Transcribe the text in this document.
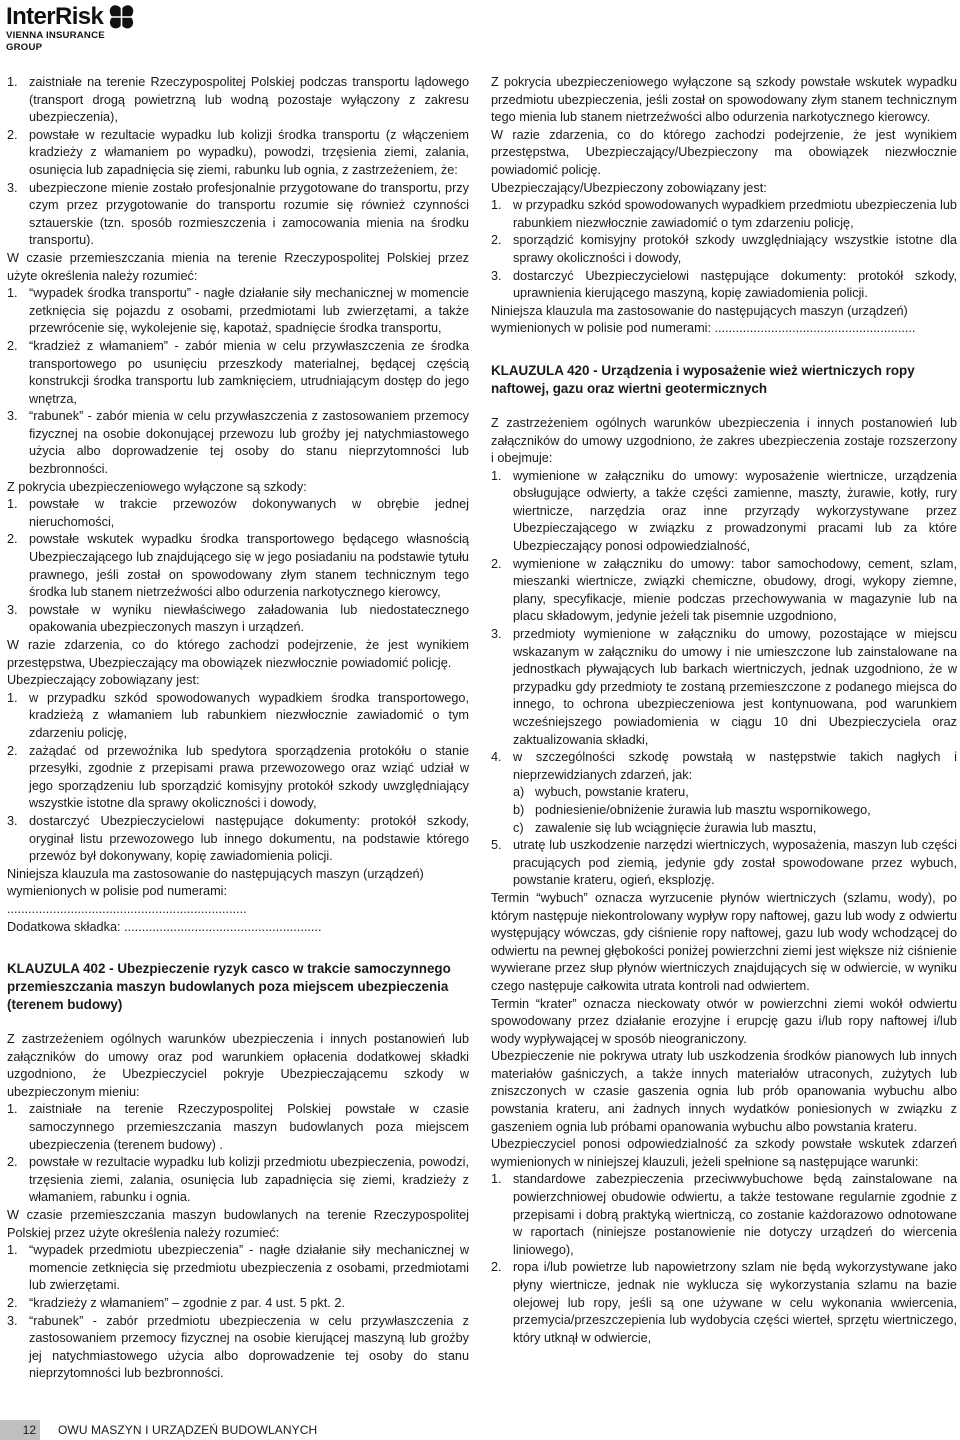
InterRisk
VIENNA INSURANCE GROUP
1. zaistniałe na terenie Rzeczypospolitej Polskiej podczas transportu lądowego (transport drogą powietrzną lub wodną pozostaje wyłączony z zakresu ubezpieczenia),
2. powstałe w rezultacie wypadku lub kolizji środka transportu (z włączeniem kradzieży z włamaniem po wypadku), powodzi, trzęsienia ziemi, zalania, osunięcia lub zapadnięcia się ziemi, rabunku lub ognia, z zastrzeżeniem, że:
3. ubezpieczone mienie zostało profesjonalnie przygotowane do transportu, przy czym przez przygotowanie do transportu rozumie się również czynności sztauerskie (tzn. sposób rozmieszczenia i zamocowania mienia na środku transportu).

W czasie przemieszczania mienia na terenie Rzeczypospolitej Polskiej przez użyte określenia należy rozumieć:

1. “wypadek środka transportu” - nagłe działanie siły mechanicznej w momencie zetknięcia się pojazdu z osobami, przedmiotami lub zwierzętami, a także przewrócenie się, wykolejenie się, kapotaż, spadnięcie środka transportu,
2. “kradzież z włamaniem” - zabór mienia w celu przywłaszczenia ze środka transportowego po usunięciu przeszkody materialnej, będącej częścią konstrukcji środka transportu lub zamknięciem, utrudniającym dostęp do jego wnętrza,
3. “rabunek” - zabór mienia w celu przywłaszczenia z zastosowaniem przemocy fizycznej na osobie dokonującej przewozu lub groźby jej natychmiastowego użycia albo doprowadzenie tej osoby do stanu nieprzytomności lub bezbronności.

Z pokrycia ubezpieczeniowego wyłączone są szkody:

1. powstałe w trakcie przewozów dokonywanych w obrębie jednej nieruchomości,
2. powstałe wskutek wypadku środka transportowego będącego własnością Ubezpieczającego lub znajdującego się w jego posiadaniu na podstawie tytułu prawnego, jeśli został on spowodowany złym stanem technicznym tego środka lub stanem nietrzeźwości albo odurzenia narkotycznego kierowcy,
3. powstałe w wyniku niewłaściwego załadowania lub niedostatecznego opakowania ubezpieczonych maszyn i urządzeń.

W razie zdarzenia, co do którego zachodzi podejrzenie, że jest wynikiem przestępstwa, Ubezpieczający ma obowiązek niezwłocznie powiadomić policję.

Ubezpieczający zobowiązany jest:

1. w przypadku szkód spowodowanych wypadkiem środka transportowego, kradzieżą z włamaniem lub rabunkiem niezwłocznie zawiadomić o tym zdarzeniu policję,
2. zażądać od przewoźnika lub spedytora sporządzenia protokółu o stanie przesyłki, zgodnie z przepisami prawa przewozowego oraz wziąć udział w jego sporządzeniu lub sporządzić komisyjny protokół szkody uwzględniający wszystkie istotne dla sprawy okoliczności i dowody,
3. dostarczyć Ubezpieczycielowi następujące dokumenty: protokół szkody, oryginał listu przewozowego lub innego dokumentu, na podstawie którego przewóz był dokonywany, kopię zawiadomienia policji.

Niniejsza klauzula ma zastosowanie do następujących maszyn (urządzeń) wymienionych w polisie pod numerami: ....................................................................

Dodatkowa składka: ........................................................

KLAUZULA 402 - Ubezpieczenie ryzyk casco w trakcie samoczynnego przemieszczania maszyn budowlanych poza miejscem ubezpieczenia (terenem budowy)

Z zastrzeżeniem ogólnych warunków ubezpieczenia i innych postanowień lub załączników do umowy oraz pod warunkiem opłacenia dodatkowej składki uzgodniono, że Ubezpieczyciel pokryje Ubezpieczającemu szkody w ubezpieczonym mieniu:

1. zaistniałe na terenie Rzeczypospolitej Polskiej powstałe w czasie samoczynnego przemieszczania maszyn budowlanych poza miejscem ubezpieczenia (terenem budowy) .
2. powstałe w rezultacie wypadku lub kolizji przedmiotu ubezpieczenia, powodzi, trzęsienia ziemi, zalania, osunięcia lub zapadnięcia się ziemi, kradzieży z włamaniem, rabunku i ognia.

W czasie przemieszczania maszyn budowlanych na terenie Rzeczypospolitej Polskiej przez użyte określenia należy rozumieć:

1. “wypadek przedmiotu ubezpieczenia” - nagłe działanie siły mechanicznej w momencie zetknięcia się przedmiotu ubezpieczenia z osobami, przedmiotami lub zwierzętami.
2. “kradzieży z włamaniem” – zgodnie z par. 4 ust. 5 pkt. 2.
3. “rabunek” - zabór przedmiotu ubezpieczenia w celu przywłaszczenia z zastosowaniem przemocy fizycznej na osobie kierującej maszyną lub groźby jej natychmiastowego użycia albo doprowadzenie tej osoby do stanu nieprzytomności lub bezbronności.

Z pokrycia ubezpieczeniowego wyłączone są szkody powstałe wskutek wypadku przedmiotu ubezpieczenia, jeśli został on spowodowany złym stanem technicznym tego mienia lub stanem nietrzeźwości albo odurzenia narkotycznego kierowcy.

W razie zdarzenia, co do którego zachodzi podejrzenie, że jest wynikiem przestępstwa, Ubezpieczający/Ubezpieczony ma obowiązek niezwłocznie powiadomić policję.

Ubezpieczający/Ubezpieczony zobowiązany jest:

1. w przypadku szkód spowodowanych wypadkiem przedmiotu ubezpieczenia lub rabunkiem niezwłocznie zawiadomić o tym zdarzeniu policję,
2. sporządzić komisyjny protokół szkody uwzględniający wszystkie istotne dla sprawy okoliczności i dowody,
3. dostarczyć Ubezpieczycielowi następujące dokumenty: protokół szkody, uprawnienia kierującego maszyną, kopię zawiadomienia policji.

Niniejsza klauzula ma zastosowanie do następujących maszyn (urządzeń) wymienionych w polisie pod numerami: .........................................................

KLAUZULA 420 - Urządzenia i wyposażenie wież wiertniczych ropy naftowej, gazu oraz wiertni geotermicznych

Z zastrzeżeniem ogólnych warunków ubezpieczenia i innych postanowień lub załączników do umowy uzgodniono, że zakres ubezpieczenia zostaje rozszerzony i obejmuje:

1. wymienione w załączniku do umowy: wyposażenie wiertnicze, urządzenia obsługujące odwierty, a także części zamienne, maszty, żurawie, kotły, rury wiertnicze, narzędzia oraz inne przyrządy wykorzystywane przez Ubezpieczającego w związku z prowadzonymi pracami lub za które Ubezpieczający ponosi odpowiedzialność,
2. wymienione w załączniku do umowy: tabor samochodowy, cement, szlam, mieszanki wiertnicze, związki chemiczne, obudowy, drogi, wykopy ziemne, plany, specyfikacje, mienie podczas przechowywania w magazynie lub na placu składowym, jedynie jeżeli tak pisemnie uzgodniono,
3. przedmioty wymienione w załączniku do umowy, pozostające w miejscu wskazanym w załączniku do umowy i nie umieszczone lub zainstalowane na jednostkach pływających lub barkach wiertniczych, jednak uzgodniono, że w przypadku gdy przedmioty te zostaną przemieszczone z podanego miejsca do innego, to ochrona ubezpieczeniowa jest kontynuowana, pod warunkiem wcześniejszego powiadomienia w ciągu 10 dni Ubezpieczyciela oraz zaktualizowania składki,
4. w szczególności szkodę powstałą w następstwie takich nagłych i nieprzewidzianych zdarzeń, jak:
a) wybuch, powstanie krateru,
b) podniesienie/obniżenie żurawia lub masztu wspornikowego,
c) zawalenie się lub wciągnięcie żurawia lub masztu,
5. utratę lub uszkodzenie narzędzi wiertniczych, wyposażenia, maszyn lub części pracujących pod ziemią, jedynie gdy został spowodowane przez wybuch, powstanie krateru, ogień, eksplozję.

Termin “wybuch” oznacza wyrzucenie płynów wiertniczych (szlamu, wody), po którym następuje niekontrolowany wypływ ropy naftowej, gazu lub wody z odwiertu występujący wówczas, gdy ciśnienie ropy naftowej, gazu lub wody wchodzącej do odwiertu na pewnej głębokości poniżej powierzchni ziemi jest większe niż ciśnienie wywierane przez słup płynów wiertniczych znajdujących się w odwiercie, w wyniku czego następuje całkowita utrata kontroli nad odwiertem.

Termin “krater” oznacza nieckowaty otwór w powierzchni ziemi wokół odwiertu spowodowany przez działanie erozyjne i erupcję gazu i/lub ropy naftowej i/lub wody wypływającej w sposób nieograniczony.

Ubezpieczenie nie pokrywa utraty lub uszkodzenia środków pianowych lub innych materiałów gaśniczych, a także innych materiałów utraconych, zużytych lub zniszczonych w czasie gaszenia ognia lub prób opanowania wybuchu albo powstania krateru, ani żadnych innych wydatków poniesionych w związku z gaszeniem ognia lub próbami opanowania wybuchu albo powstania krateru.

Ubezpieczyciel ponosi odpowiedzialność za szkody powstałe wskutek zdarzeń wymienionych w niniejszej klauzuli, jeżeli spełnione są następujące warunki:

1. standardowe zabezpieczenia przeciwwybuchowe będą zainstalowane na powierzchniowej obudowie odwiertu, a także testowane regularnie zgodnie z przepisami i dobrą praktyką wiertniczą, co zostanie każdorazowo odnotowane w raportach (niniejsze postanowienie nie dotyczy urządzeń do wiercenia liniowego),
2. ropa i/lub powietrze lub napowietrzony szlam nie będą wykorzystywane jako płyny wiertnicze, jednak nie wyklucza się wykorzystania szlamu na bazie olejowej lub ropy, jeśli są one używane w celu wykonania wwiercenia, przemycia/przeszczepienia lub wydobycia części wierteł, sprzętu wiertniczego, który utknął w odwiercie,
12	OWU MASZYN I URZĄDZEŃ BUDOWLANYCH
